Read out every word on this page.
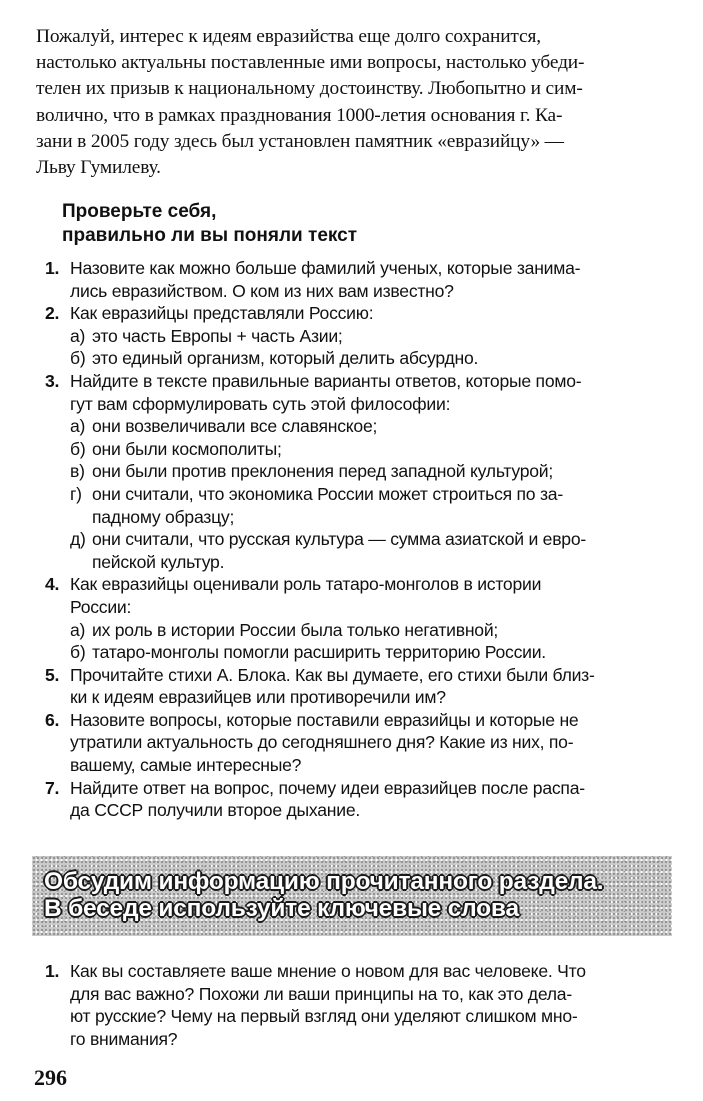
Пожалуй, интерес к идеям евразийства еще долго сохранится,
настолько актуальны поставленные ими вопросы, настолько убеди-
телен их призыв к национальному достоинству. Любопытно и сим-
волично, что в рамках празднования 1000-летия основания г. Ка-
зани в 2005 году здесь был установлен памятник «евразийцу» —
Льву Гумилеву.
Проверьте себя,
правильно ли вы поняли текст
1. Назовите как можно больше фамилий ученых, которые занима-
лись евразийством. О ком из них вам известно?
2. Как евразийцы представляли Россию:
а) это часть Европы + часть Азии;
б) это единый организм, который делить абсурдно.
3. Найдите в тексте правильные варианты ответов, которые помо-
гут вам сформулировать суть этой философии:
а) они возвеличивали все славянское;
б) они были космополиты;
в) они были против преклонения перед западной культурой;
г) они считали, что экономика России может строиться по за-
падному образцу;
д) они считали, что русская культура — сумма азиатской и евро-
пейской культур.
4. Как евразийцы оценивали роль татаро-монголов в истории
России:
а) их роль в истории России была только негативной;
б) татаро-монголы помогли расширить территорию России.
5. Прочитайте стихи А. Блока. Как вы думаете, его стихи были близ-
ки к идеям евразийцев или противоречили им?
6. Назовите вопросы, которые поставили евразийцы и которые не
утратили актуальность до сегодняшнего дня? Какие из них, по-
вашему, самые интересные?
7. Найдите ответ на вопрос, почему идеи евразийцев после распа-
да СССР получили второе дыхание.
Обсудим информацию прочитанного раздела.
В беседе используйте ключевые слова
1. Как вы составляете ваше мнение о новом для вас человеке. Что
для вас важно? Похожи ли ваши принципы на то, как это дела-
ют русские? Чему на первый взгляд они уделяют слишком мно-
го внимания?
296
